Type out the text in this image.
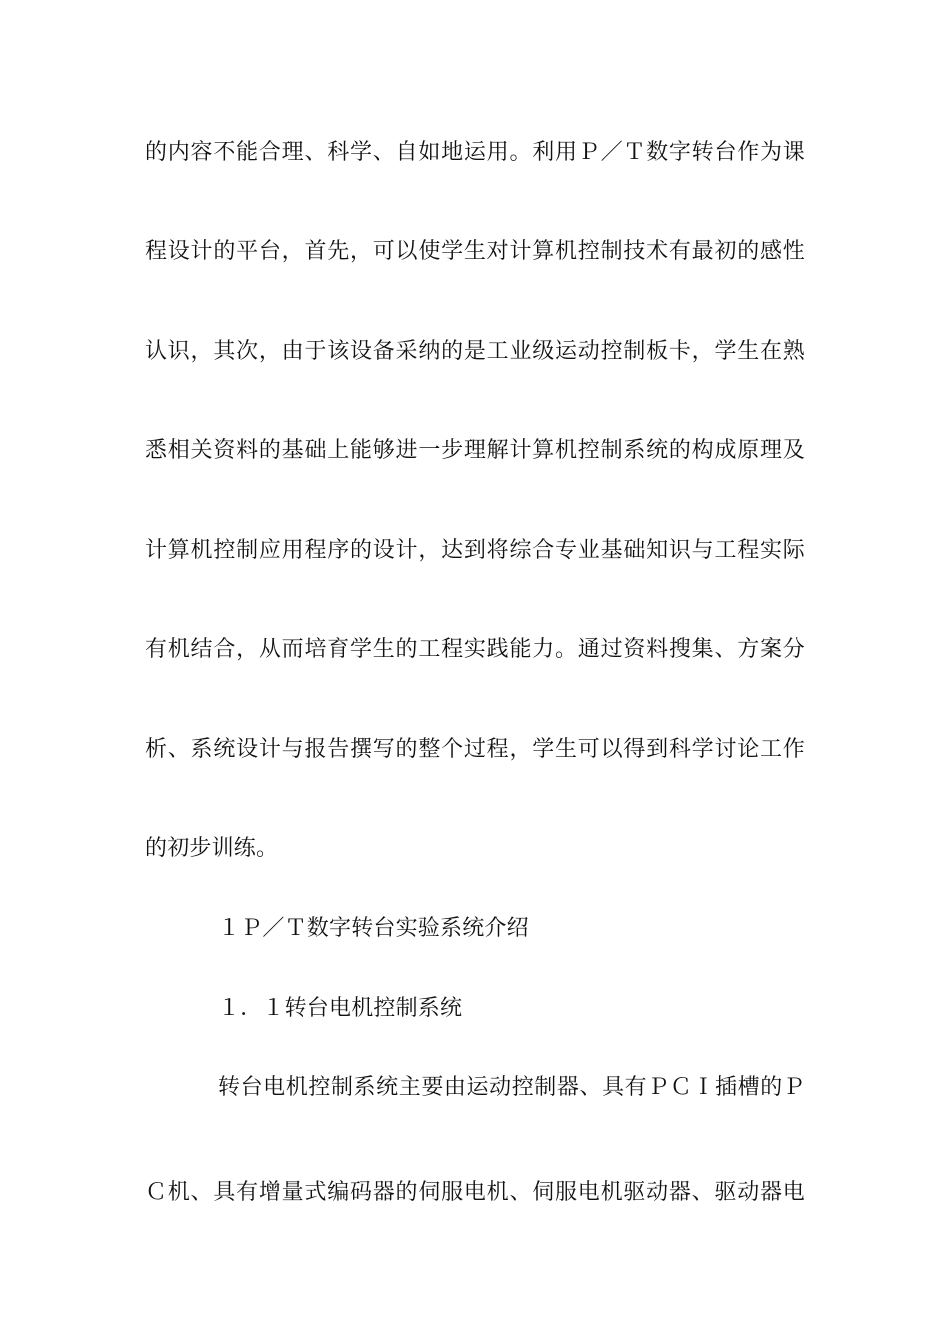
的内容不能合理、科学、自如地运用。利用Ｐ／Ｔ数字转台作为课
程设计的平台，首先，可以使学生对计算机控制技术有最初的感性
认识，其次，由于该设备采纳的是工业级运动控制板卡，学生在熟
悉相关资料的基础上能够进一步理解计算机控制系统的构成原理及
计算机控制应用程序的设计，达到将综合专业基础知识与工程实际
有机结合，从而培育学生的工程实践能力。通过资料搜集、方案分
析、系统设计与报告撰写的整个过程，学生可以得到科学讨论工作
的初步训练。
１Ｐ／Ｔ数字转台实验系统介绍
１．１转台电机控制系统
转台电机控制系统主要由运动控制器、具有ＰＣＩ插槽的Ｐ
Ｃ机、具有增量式编码器的伺服电机、伺服电机驱动器、驱动器电
